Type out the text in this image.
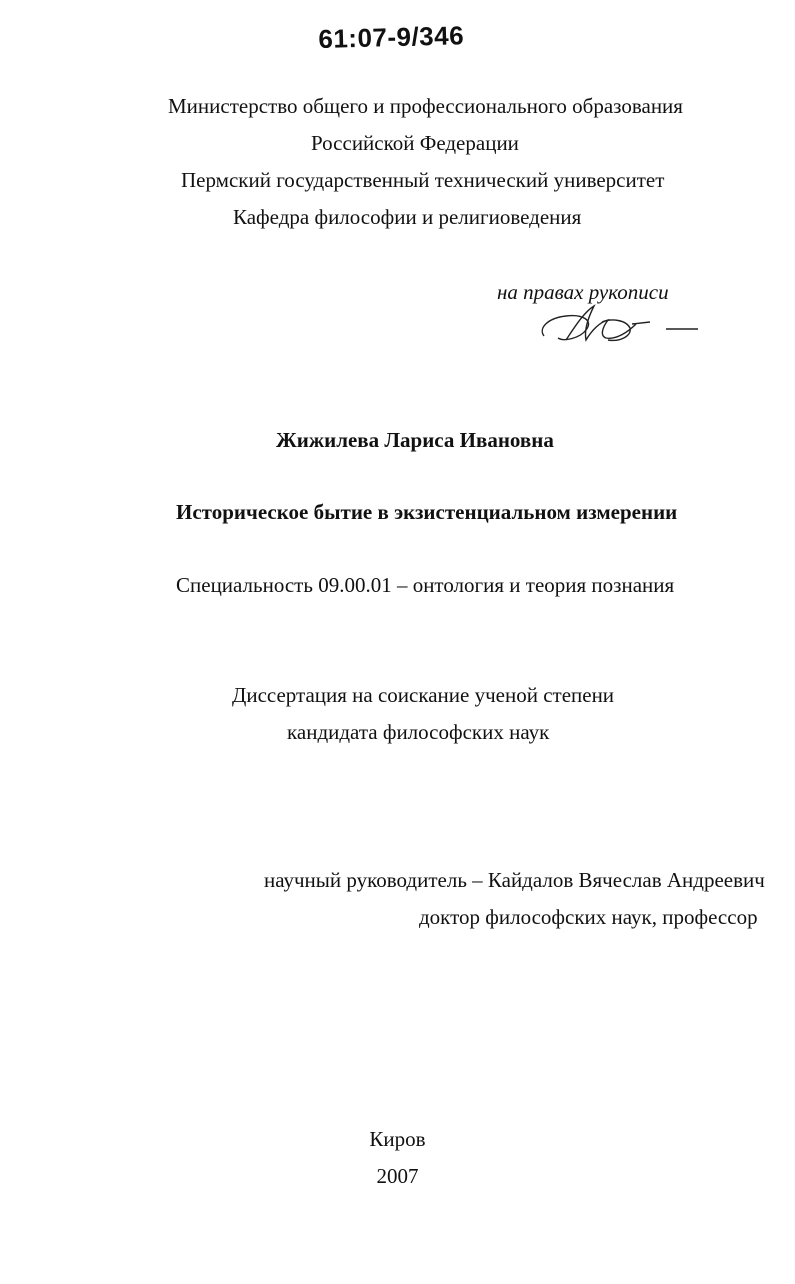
61:07-9/346
Министерство общего и профессионального образования
Российской Федерации
Пермский государственный технический университет
Кафедра философии и религиоведения
на правах рукописи
Жижилева Лариса Ивановна
Историческое бытие в экзистенциальном измерении
Специальность 09.00.01 – онтология и теория познания
Диссертация на соискание ученой степени
кандидата философских наук
научный руководитель – Кайдалов Вячеслав Андреевич
доктор философских наук, профессор
Киров
2007
